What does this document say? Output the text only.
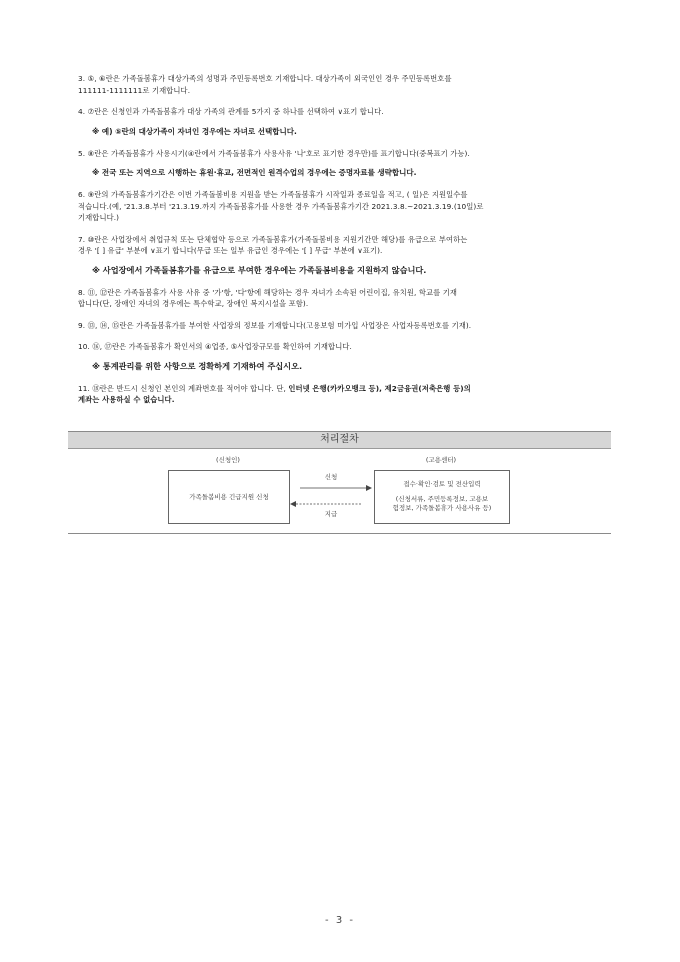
3. ⑤, ⑥란은 가족돌봄휴가 대상가족의 성명과 주민등록번호 기재합니다. 대상가족이 외국인인 경우 주민등록번호를
111111-1111111로 기재합니다.
4. ⑦란은 신청인과 가족돌봄휴가 대상 가족의 관계를 5가지 중 하나를 선택하여 ∨표기 합니다.
※ 예) ⑤란의 대상가족이 자녀인 경우에는 자녀로 선택합니다.
5. ⑧란은 가족돌봄휴가 사용시기(④란에서 가족돌봄휴가 사용사유 '나'호로 표기한 경우만)를 표기합니다(중복표기 가능).
※ 전국 또는 지역으로 시행하는 휴원·휴교, 전면적인 원격수업의 경우에는 증명자료를 생략합니다.
6. ⑨란의 가족돌봄휴가기간은 이번 가족돌봄비용 지원을 받는 가족돌봄휴가 시작일과 종료일을 적고, ( 일)은 지원일수를
적습니다.(예, '21.3.8.부터 '21.3.19.까지 가족돌봄휴가를 사용한 경우 가족돌봄휴가기간 2021.3.8.~2021.3.19.(10일)로
기재합니다.)
7. ⑩란은 사업장에서 취업규칙 또는 단체협약 등으로 가족돌봄휴가(가족돌봄비용 지원기간만 해당)를 유급으로 부여하는
경우 '[ ] 유급' 부분에 ∨표기 합니다(무급 또는 일부 유급인 경우에는 '[ ] 무급' 부분에 ∨표기).
※ 사업장에서 가족돌봄휴가를 유급으로 부여한 경우에는 가족돌봄비용을 지원하지 않습니다.
8. ⑪, ⑫란은 가족돌봄휴가 사용 사유 중 '가'항, '다'항에 해당하는 경우 자녀가 소속된 어린이집, 유치원, 학교를 기재
합니다(단, 장애인 자녀의 경우에는 특수학교, 장애인 복지시설을 포함).
9. ⑬, ⑭, ⑮란은 가족돌봄휴가를 부여한 사업장의 정보를 기재합니다(고용보험 미가입 사업장은 사업자등록번호를 기재).
10. ⑯, ⑰란은 가족돌봄휴가 확인서의 ④업종, ⑤사업장규모를 확인하여 기재합니다.
※ 통계관리를 위한 사항으로 정확하게 기재하여 주십시오.
11. ⑱란은 반드시 신청인 본인의 계좌번호를 적어야 합니다. 단, 인터넷 은행(카카오뱅크 등), 제2금융권(저축은행 등)의
계좌는 사용하실 수 없습니다.
처리절차
(신청인)	(고용센터)
가족돌봄비용 긴급지원 신청
신청
지급
접수·확인·검토 및 전산입력
(신청서류, 주민등록정보, 고용보
험정보, 가족돌봄휴가 사용사유 등)
- 3 -
